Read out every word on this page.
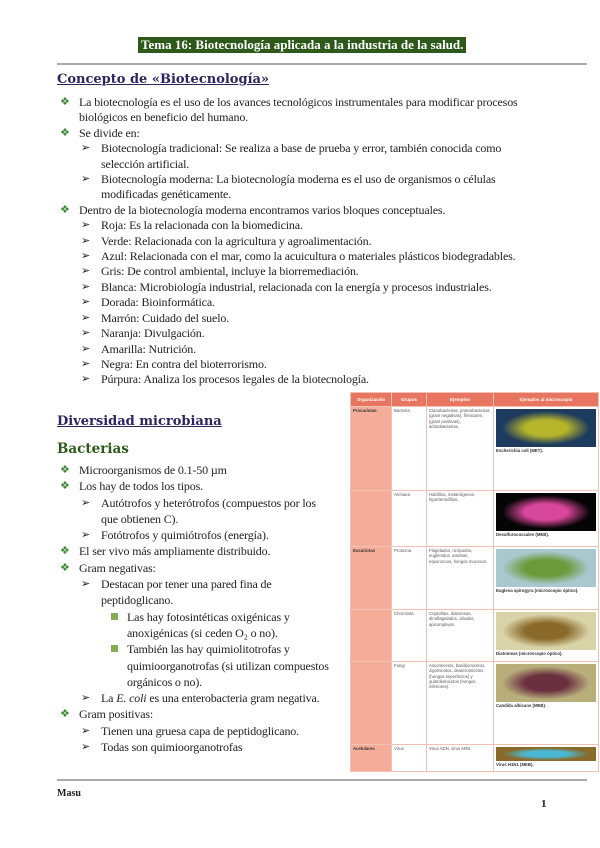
Tema 16: Biotecnología aplicada a la industria de la salud.
Concepto de «Biotecnología»
❖ La biotecnología es el uso de los avances tecnológicos instrumentales para modificar procesos
biológicos en beneficio del humano.
❖ Se divide en:
➢ Biotecnología tradicional: Se realiza a base de prueba y error, también conocida como
selección artificial.
➢ Biotecnología moderna: La biotecnología moderna es el uso de organismos o células
modificadas genéticamente.
❖ Dentro de la biotecnología moderna encontramos varios bloques conceptuales.
➢ Roja: Es la relacionada con la biomedicina.
➢ Verde: Relacionada con la agricultura y agroalimentación.
➢ Azul: Relacionada con el mar, como la acuicultura o materiales plásticos biodegradables.
➢ Gris: De control ambiental, incluye la biorremediación.
➢ Blanca: Microbiología industrial, relacionada con la energía y procesos industriales.
➢ Dorada: Bioinformática.
➢ Marrón: Cuidado del suelo.
➢ Naranja: Divulgación.
➢ Amarilla: Nutrición.
➢ Negra: En contra del bioterrorismo.
➢ Púrpura: Analiza los procesos legales de la biotecnología.
Diversidad microbiana
Bacterias
❖ Microorganismos de 0.1-50 µm
❖ Los hay de todos los tipos.
➢ Autótrofos y heterótrofos (compuestos por los
que obtienen C).
➢ Fotótrofos y quimiótrofos (energía).
❖ El ser vivo más ampliamente distribuido.
❖ Gram negativas:
➢ Destacan por tener una pared fina de
peptidoglicano.
Las hay fotosintéticas oxigénicas y
anoxigénicas (si ceden O₂ o no).
También las hay quimiolitotrofas y
quimioorganotrofas (si utilizan compuestos
orgánicos o no).
➢ La E. coli es una enterobacteria gram negativa.
❖ Gram positivas:
➢ Tienen una gruesa capa de peptidoglicano.
➢ Todas son quimioorganotrofas
Organización	Grupos	Ejemplos	Ejemplos al microscopio
Procariotas	Bacteria	Cianobacterias, proteobacterias (gram negativas), firmicutes (gram positivas), actinobacterias.	Escherichia coli (MET).

	Archaea	Halófilos, metanógenos, hipertermófilos.	Desulfurococcales (MEB).

Eucariotas	Protozoa	Flagelados, rizópodos, euglénidos, amebas, esporozoos, hongos mucosos.	Euglena spirogyra (microscopio óptico).

	Chromista	Criptofitas, diatomeas, dinoflagelados, ciliados, apicomplejos.	Diatomeas (microscopio óptico).

	Fungi	Ascomicetos, basidiomicetos, zigomicetos, deuteromicetos (hongos imperfectos) y quitridiomicetos (hongos inferiores).	Candida albicans (MEB).

Acelulares	Virus	Virus ADN, virus ARN.	Virus H1N1 (MEB).
Masu
1
